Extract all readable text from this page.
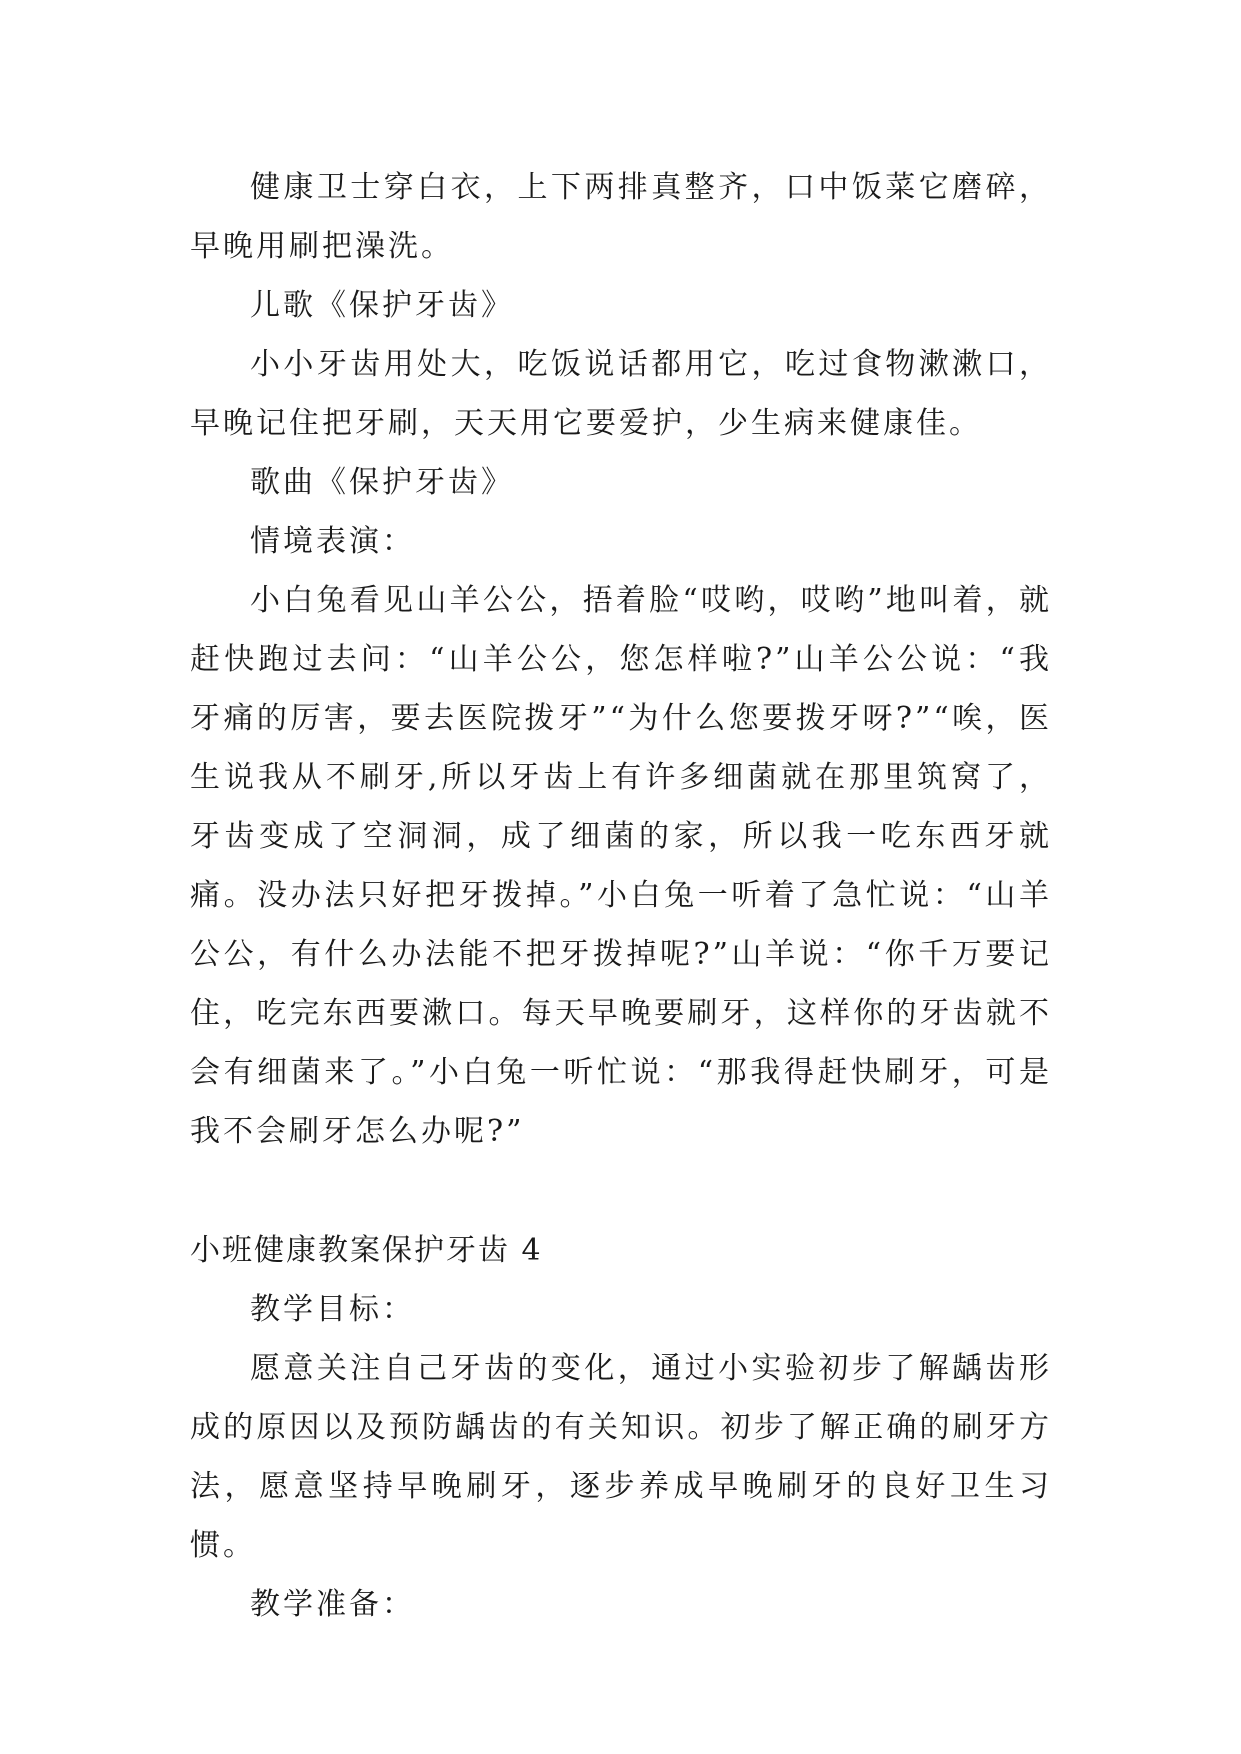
健康卫士穿白衣，上下两排真整齐，口中饭菜它磨碎，早晚用刷把澡洗。

儿歌《保护牙齿》

小小牙齿用处大，吃饭说话都用它，吃过食物漱漱口，早晚记住把牙刷，天天用它要爱护，少生病来健康佳。

歌曲《保护牙齿》

情境表演：

小白兔看见山羊公公，捂着脸“哎哟，哎哟”地叫着，就赶快跑过去问：“山羊公公，您怎样啦?”山羊公公说：“我牙痛的厉害，要去医院拨牙”“为什么您要拨牙呀?”“唉，医生说我从不刷牙,所以牙齿上有许多细菌就在那里筑窝了，牙齿变成了空洞洞，成了细菌的家，所以我一吃东西牙就痛。没办法只好把牙拨掉。”小白兔一听着了急忙说：“山羊公公，有什么办法能不把牙拨掉呢?”山羊说：“你千万要记住，吃完东西要漱口。每天早晚要刷牙，这样你的牙齿就不会有细菌来了。”小白兔一听忙说：“那我得赶快刷牙，可是我不会刷牙怎么办呢?”

小班健康教案保护牙齿 4

教学目标：

愿意关注自己牙齿的变化，通过小实验初步了解龋齿形成的原因以及预防龋齿的有关知识。初步了解正确的刷牙方法，愿意坚持早晚刷牙，逐步养成早晚刷牙的良好卫生习惯。

教学准备：
